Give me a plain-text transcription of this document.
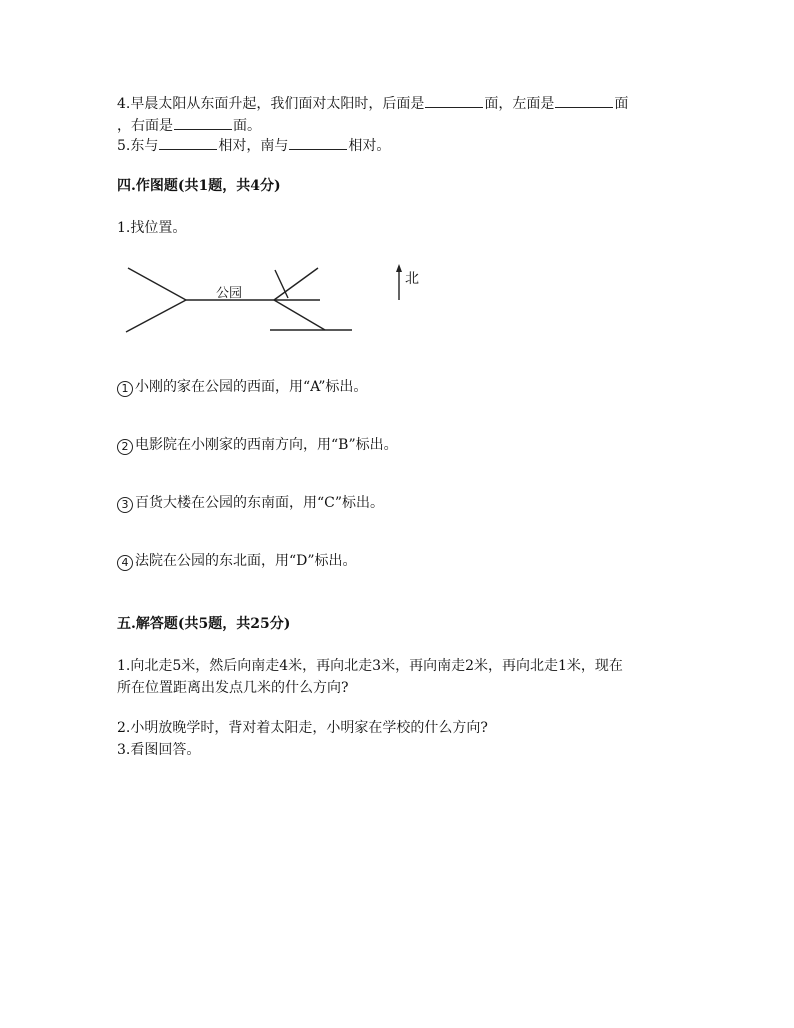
4.早晨太阳从东面升起，我们面对太阳时，后面是	面，左面是	面
，右面是	面。
5.东与	相对，南与	相对。
四.作图题(共1题，共4分)
1.找位置。
公园
北
1 小刚的家在公园的西面，用“A”标出。
2 电影院在小刚家的西南方向，用“B”标出。
3 百货大楼在公园的东南面，用“C”标出。
4 法院在公园的东北面，用“D”标出。
五.解答题(共5题，共25分)
1.向北走5米，然后向南走4米，再向北走3米，再向南走2米，再向北走1米，现在
所在位置距离出发点几米的什么方向?
2.小明放晚学时，背对着太阳走，小明家在学校的什么方向?
3.看图回答。
